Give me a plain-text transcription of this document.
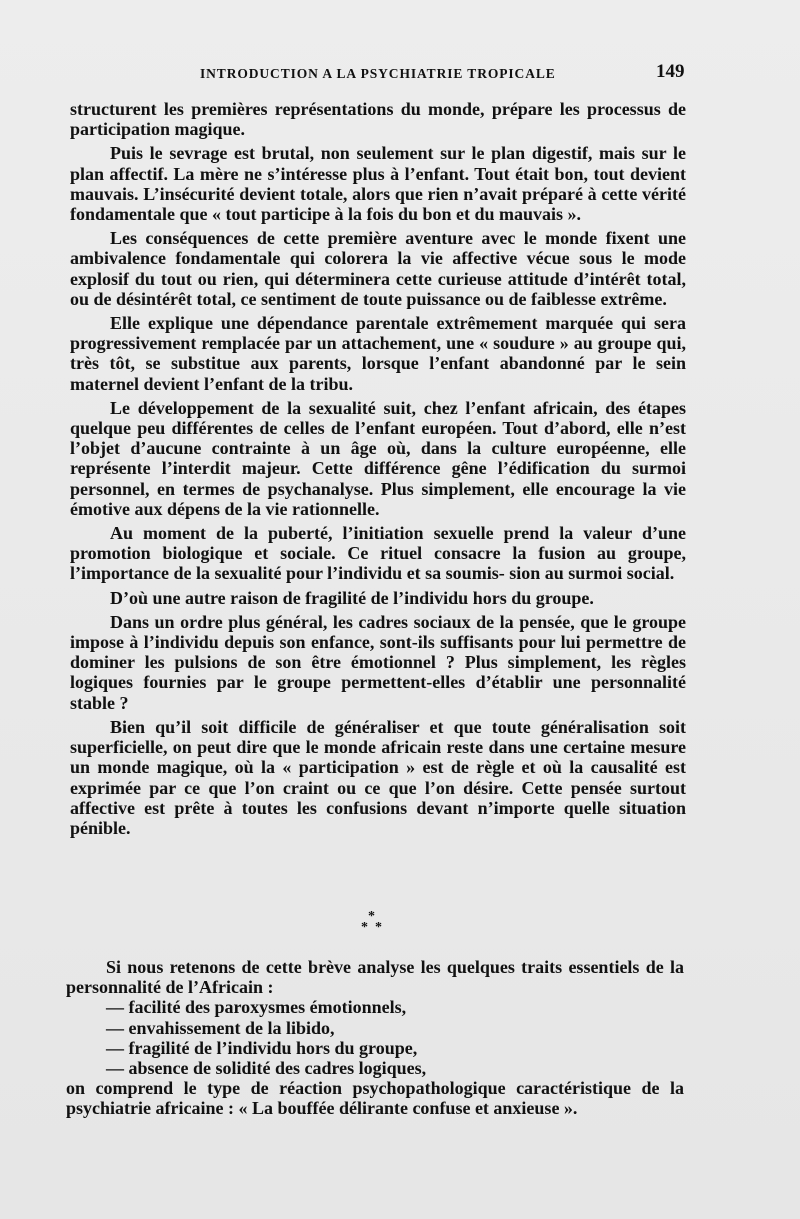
INTRODUCTION A LA PSYCHIATRIE TROPICALE	149

structurent les premières représentations du monde, prépare les processus de participation magique.

Puis le sevrage est brutal, non seulement sur le plan digestif, mais sur le plan affectif. La mère ne s’intéresse plus à l’enfant. Tout était bon, tout devient mauvais. L’insécurité devient totale, alors que rien n’avait préparé à cette vérité fondamentale que « tout participe à la fois du bon et du mauvais ».

Les conséquences de cette première aventure avec le monde fixent une ambivalence fondamentale qui colorera la vie affective vécue sous le mode explosif du tout ou rien, qui déterminera cette curieuse attitude d’intérêt total, ou de désintérêt total, ce sentiment de toute puissance ou de faiblesse extrême.

Elle explique une dépendance parentale extrêmement marquée qui sera progressivement remplacée par un attachement, une « soudure » au groupe qui, très tôt, se substitue aux parents, lorsque l’enfant abandonné par le sein maternel devient l’enfant de la tribu.

Le développement de la sexualité suit, chez l’enfant africain, des étapes quelque peu différentes de celles de l’enfant européen. Tout d’abord, elle n’est l’objet d’aucune contrainte à un âge où, dans la culture européenne, elle représente l’interdit majeur. Cette différence gêne l’édification du surmoi personnel, en termes de psychanalyse. Plus simplement, elle encourage la vie émotive aux dépens de la vie rationnelle.

Au moment de la puberté, l’initiation sexuelle prend la valeur d’une promotion biologique et sociale. Ce rituel consacre la fusion au groupe, l’importance de la sexualité pour l’individu et sa soumis- sion au surmoi social.

D’où une autre raison de fragilité de l’individu hors du groupe.

Dans un ordre plus général, les cadres sociaux de la pensée, que le groupe impose à l’individu depuis son enfance, sont-ils suffisants pour lui permettre de dominer les pulsions de son être émotionnel ? Plus simplement, les règles logiques fournies par le groupe permettent-elles d’établir une personnalité stable ?

Bien qu’il soit difficile de généraliser et que toute généralisation soit superficielle, on peut dire que le monde africain reste dans une certaine mesure un monde magique, où la « participation » est de règle et où la causalité est exprimée par ce que l’on craint ou ce que l’on désire. Cette pensée surtout affective est prête à toutes les confusions devant n’importe quelle situation pénible.

*
* *

Si nous retenons de cette brève analyse les quelques traits essentiels de la personnalité de l’Africain :

— facilité des paroxysmes émotionnels,
— envahissement de la libido,
— fragilité de l’individu hors du groupe,
— absence de solidité des cadres logiques,

on comprend le type de réaction psychopathologique caractéristique de la psychiatrie africaine : « La bouffée délirante confuse et anxieuse ».
